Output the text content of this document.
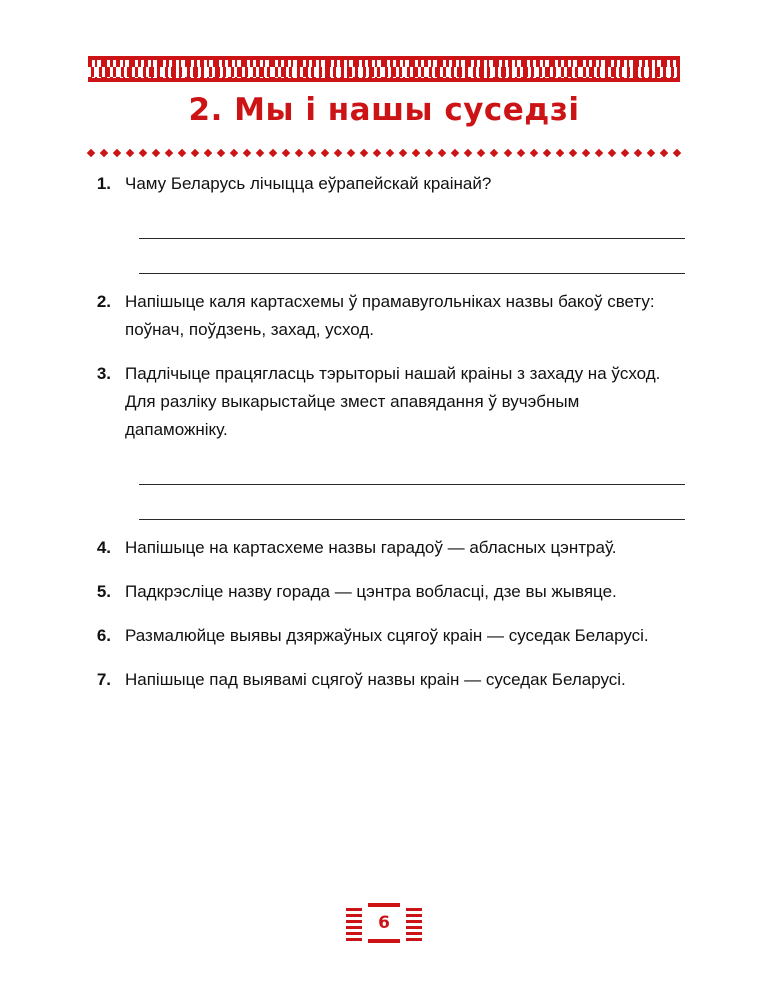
2. Мы і нашы суседзі
1. Чаму Беларусь лічыцца еўрапейскай краінай?
2. Напішыце каля картасхемы ў прамавугольніках назвы бакоў свету: поўнач, поўдзень, захад, усход.
3. Падлічыце працягласць тэрыторыі нашай краіны з захаду на ўсход. Для разліку выкарыстайце змест апавядання ў вучэбным дапаможніку.
4. Напішыце на картасхеме назвы гарадоў — абласных цэнтраў.
5. Падкрэсліце назву горада — цэнтра вобласці, дзе вы жывяце.
6. Размалюйце выявы дзяржаўных сцягоў краін — суседак Беларусі.
7. Напішыце пад выявамі сцягоў назвы краін — суседак Беларусі.
6
